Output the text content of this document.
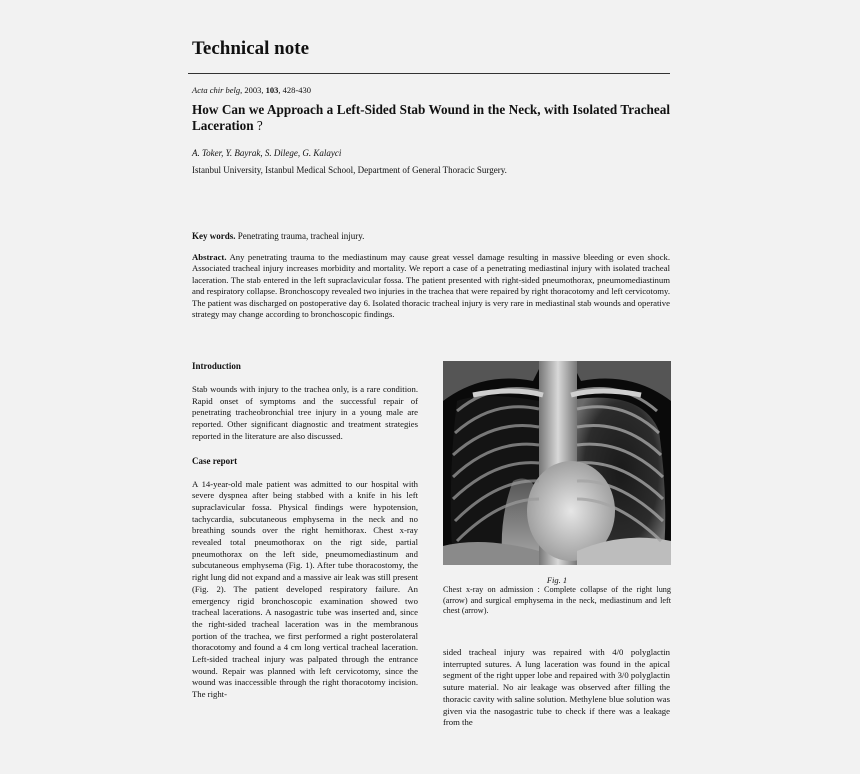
Technical note
Acta chir belg, 2003, 103, 428-430
How Can we Approach a Left-Sided Stab Wound in the Neck, with Isolated Tracheal Laceration ?
A. Toker, Y. Bayrak, S. Dilege, G. Kalayci
Istanbul University, Istanbul Medical School, Department of General Thoracic Surgery.
Key words. Penetrating trauma, tracheal injury.
Abstract. Any penetrating trauma to the mediastinum may cause great vessel damage resulting in massive bleeding or even shock. Associated tracheal injury increases morbidity and mortality. We report a case of a penetrating mediastinal injury with isolated tracheal laceration. The stab entered in the left supraclavicular fossa. The patient presented with right-sided pneumothorax, pneumomediastinum and respiratory collapse. Bronchoscopy revealed two injuries in the trachea that were repaired by right thoracotomy and left cervicotomy. The patient was discharged on postoperative day 6. Isolated thoracic tracheal injury is very rare in mediastinal stab wounds and operative strategy may change according to bronchoscopic findings.
Introduction

Stab wounds with injury to the trachea only, is a rare condition. Rapid onset of symptoms and the successful repair of penetrating tracheobronchial tree injury in a young male are reported. Other significant diagnostic and treatment strategies reported in the literature are also discussed.

Case report

A 14-year-old male patient was admitted to our hospital with severe dyspnea after being stabbed with a knife in his left supraclavicular fossa. Physical findings were hypotension, tachycardia, subcutaneous emphysema in the neck and no breathing sounds over the right hemithorax. Chest x-ray revealed total pneumothorax on the rigt side, partial pneumothorax on the left side, pneumomediastinum and subcutaneous emphysema (Fig. 1). After tube thoracostomy, the right lung did not expand and a massive air leak was still present (Fig. 2). The patient developed respiratory failure. An emergency rigid bronchoscopic examination showed two tracheal lacerations. A nasogastric tube was inserted and, since the right-sided tracheal laceration was in the membranous portion of the trachea, we first performed a right posterolateral thoracotomy and found a 4 cm long vertical tracheal laceration. Left-sided tracheal injury was palpated through the entrance wound. Repair was planned with left cervicotomy, since the wound was inaccessible through the right thoracotomy incision. The right-

Fig. 1
Chest x-ray on admission : Complete collapse of the right lung (arrow) and surgical emphysema in the neck, mediastinum and left chest (arrow).
sided tracheal injury was repaired with 4/0 polyglactin interrupted sutures. A lung laceration was found in the apical segment of the right upper lobe and repaired with 3/0 polyglactin suture material. No air leakage was observed after filling the thoracic cavity with saline solution. Methylene blue solution was given via the nasogastric tube to check if there was a leakage from the
